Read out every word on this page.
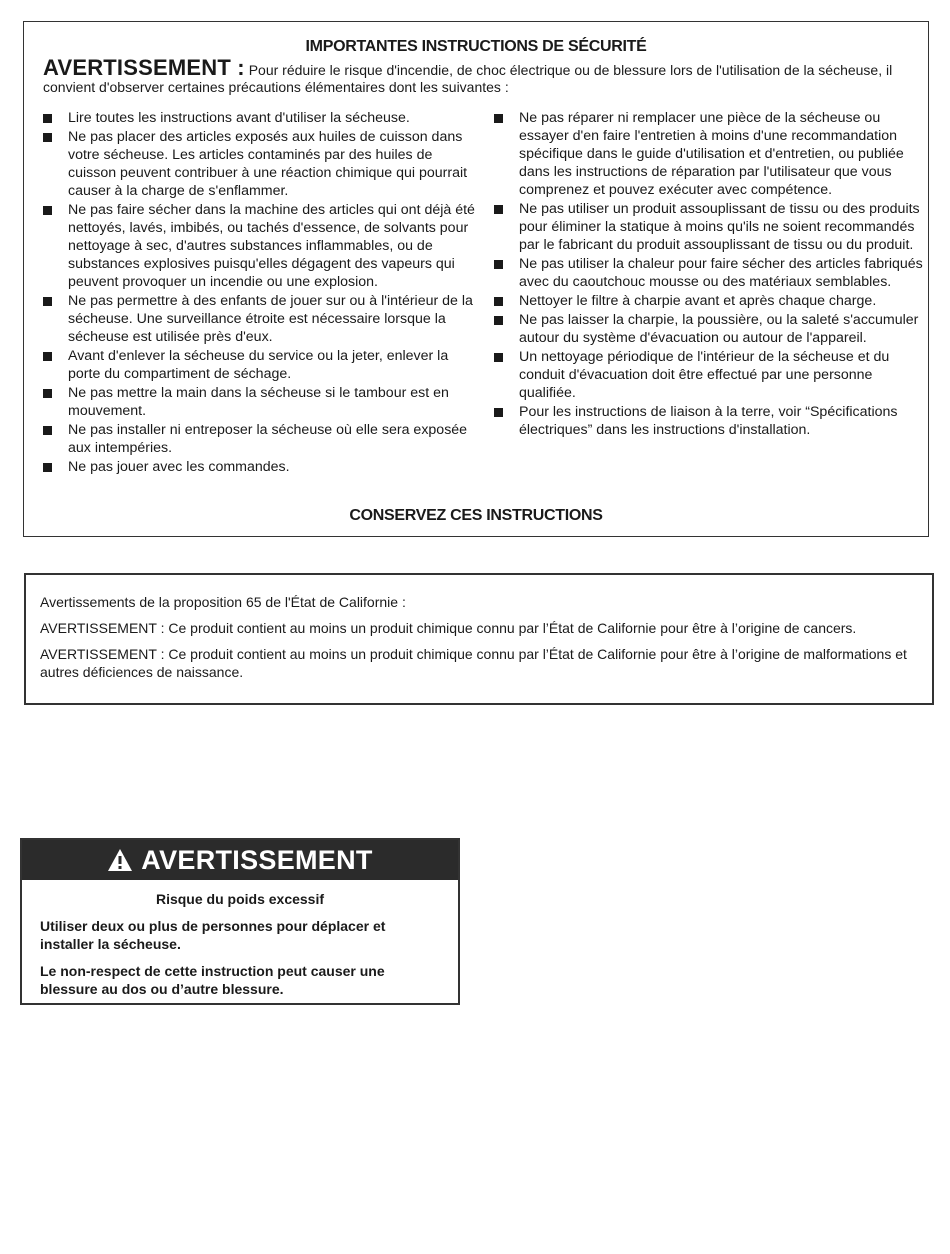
IMPORTANTES INSTRUCTIONS DE SÉCURITÉ
AVERTISSEMENT : Pour réduire le risque d'incendie, de choc électrique ou de blessure lors de l'utilisation de la sécheuse, il convient d'observer certaines précautions élémentaires dont les suivantes :
Lire toutes les instructions avant d'utiliser la sécheuse.
Ne pas placer des articles exposés aux huiles de cuisson dans votre sécheuse. Les articles contaminés par des huiles de cuisson peuvent contribuer à une réaction chimique qui pourrait causer à la charge de s'enflammer.
Ne pas faire sécher dans la machine des articles qui ont déjà été nettoyés, lavés, imbibés, ou tachés d'essence, de solvants pour nettoyage à sec, d'autres substances inflammables, ou de substances explosives puisqu'elles dégagent des vapeurs qui peuvent provoquer un incendie ou une explosion.
Ne pas permettre à des enfants de jouer sur ou à l'intérieur de la sécheuse. Une surveillance étroite est nécessaire lorsque la sécheuse est utilisée près d'eux.
Avant d'enlever la sécheuse du service ou la jeter, enlever la porte du compartiment de séchage.
Ne pas mettre la main dans la sécheuse si le tambour est en mouvement.
Ne pas installer ni entreposer la sécheuse où elle sera exposée aux intempéries.
Ne pas jouer avec les commandes.
Ne pas réparer ni remplacer une pièce de la sécheuse ou essayer d'en faire l'entretien à moins d'une recommandation spécifique dans le guide d'utilisation et d'entretien, ou publiée dans les instructions de réparation par l'utilisateur que vous comprenez et pouvez exécuter avec compétence.
Ne pas utiliser un produit assouplissant de tissu ou des produits pour éliminer la statique à moins qu'ils ne soient recommandés par le fabricant du produit assouplissant de tissu ou du produit.
Ne pas utiliser la chaleur pour faire sécher des articles fabriqués avec du caoutchouc mousse ou des matériaux semblables.
Nettoyer le filtre à charpie avant et après chaque charge.
Ne pas laisser la charpie, la poussière, ou la saleté s'accumuler autour du système d'évacuation ou autour de l'appareil.
Un nettoyage périodique de l'intérieur de la sécheuse et du conduit d'évacuation doit être effectué par une personne qualifiée.
Pour les instructions de liaison à la terre, voir “Spécifications électriques” dans les instructions d'installation.
CONSERVEZ CES INSTRUCTIONS

Avertissements de la proposition 65 de l'État de Californie :

AVERTISSEMENT : Ce produit contient au moins un produit chimique connu par l’État de Californie pour être à l’origine de cancers.

AVERTISSEMENT : Ce produit contient au moins un produit chimique connu par l’État de Californie pour être à l’origine de malformations et autres déficiences de naissance.

AVERTISSEMENT

Risque du poids excessif

Utiliser deux ou plus de personnes pour déplacer et installer la sécheuse.

Le non-respect de cette instruction peut causer une blessure au dos ou d’autre blessure.
